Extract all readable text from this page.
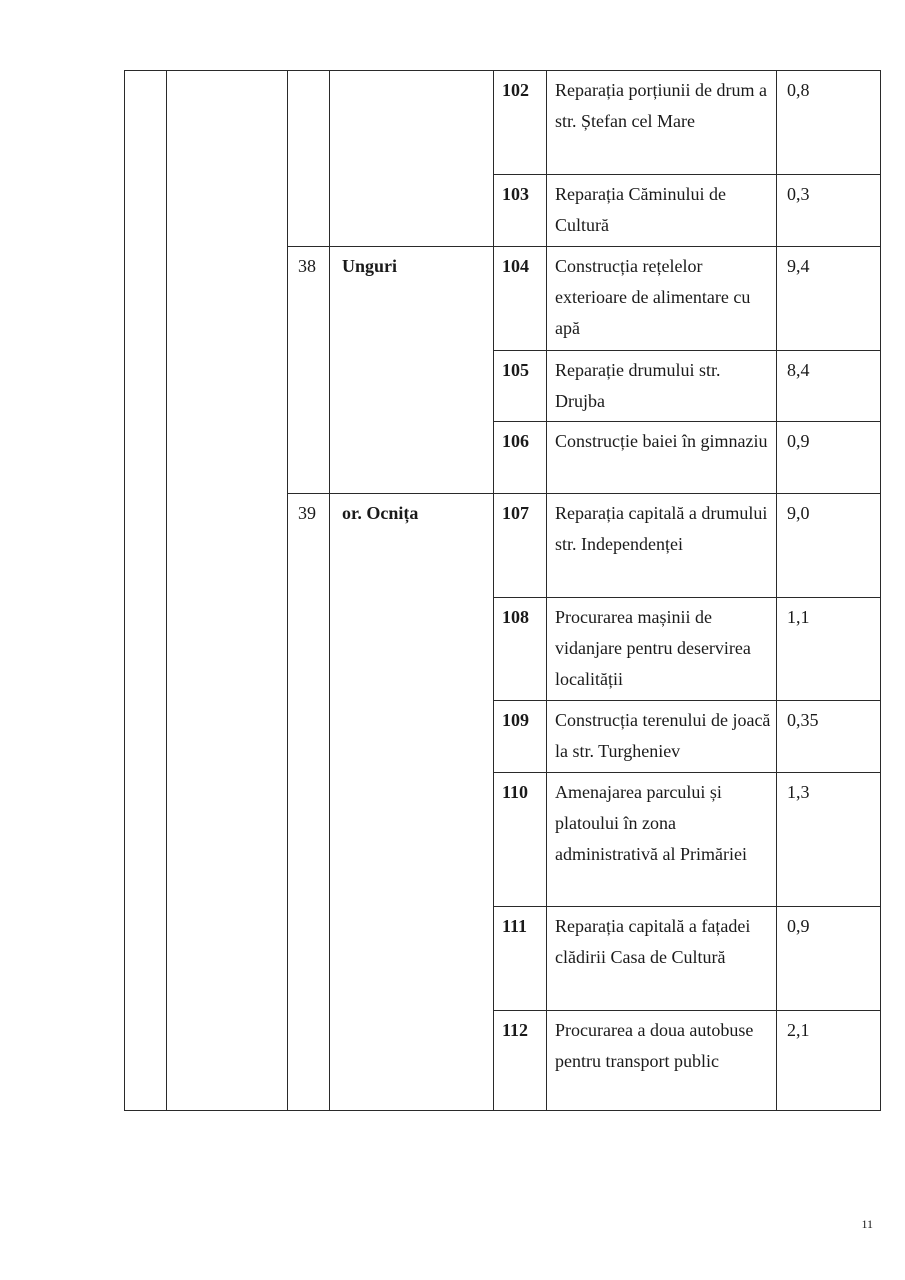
				102	Reparația porțiunii de drum a str. Ștefan cel Mare	0,8
				103	Reparația Căminului de Cultură	0,3
		38	Unguri	104	Construcția rețelelor exterioare de alimentare cu apă	9,4
				105	Reparație drumului str. Drujba	8,4
				106	Construcție baiei în gimnaziu	0,9
		39	or. Ocnița	107	Reparația capitală a drumului str. Independenței	9,0
				108	Procurarea mașinii de vidanjare pentru deservirea localității	1,1
				109	Construcția terenului de joacă la str. Turgheniev	0,35
				110	Amenajarea parcului și platoului în zona administrativă al Primăriei	1,3
				111	Reparația capitală a fațadei clădirii Casa de Cultură	0,9
				112	Procurarea a doua autobuse pentru transport public	2,1
11
